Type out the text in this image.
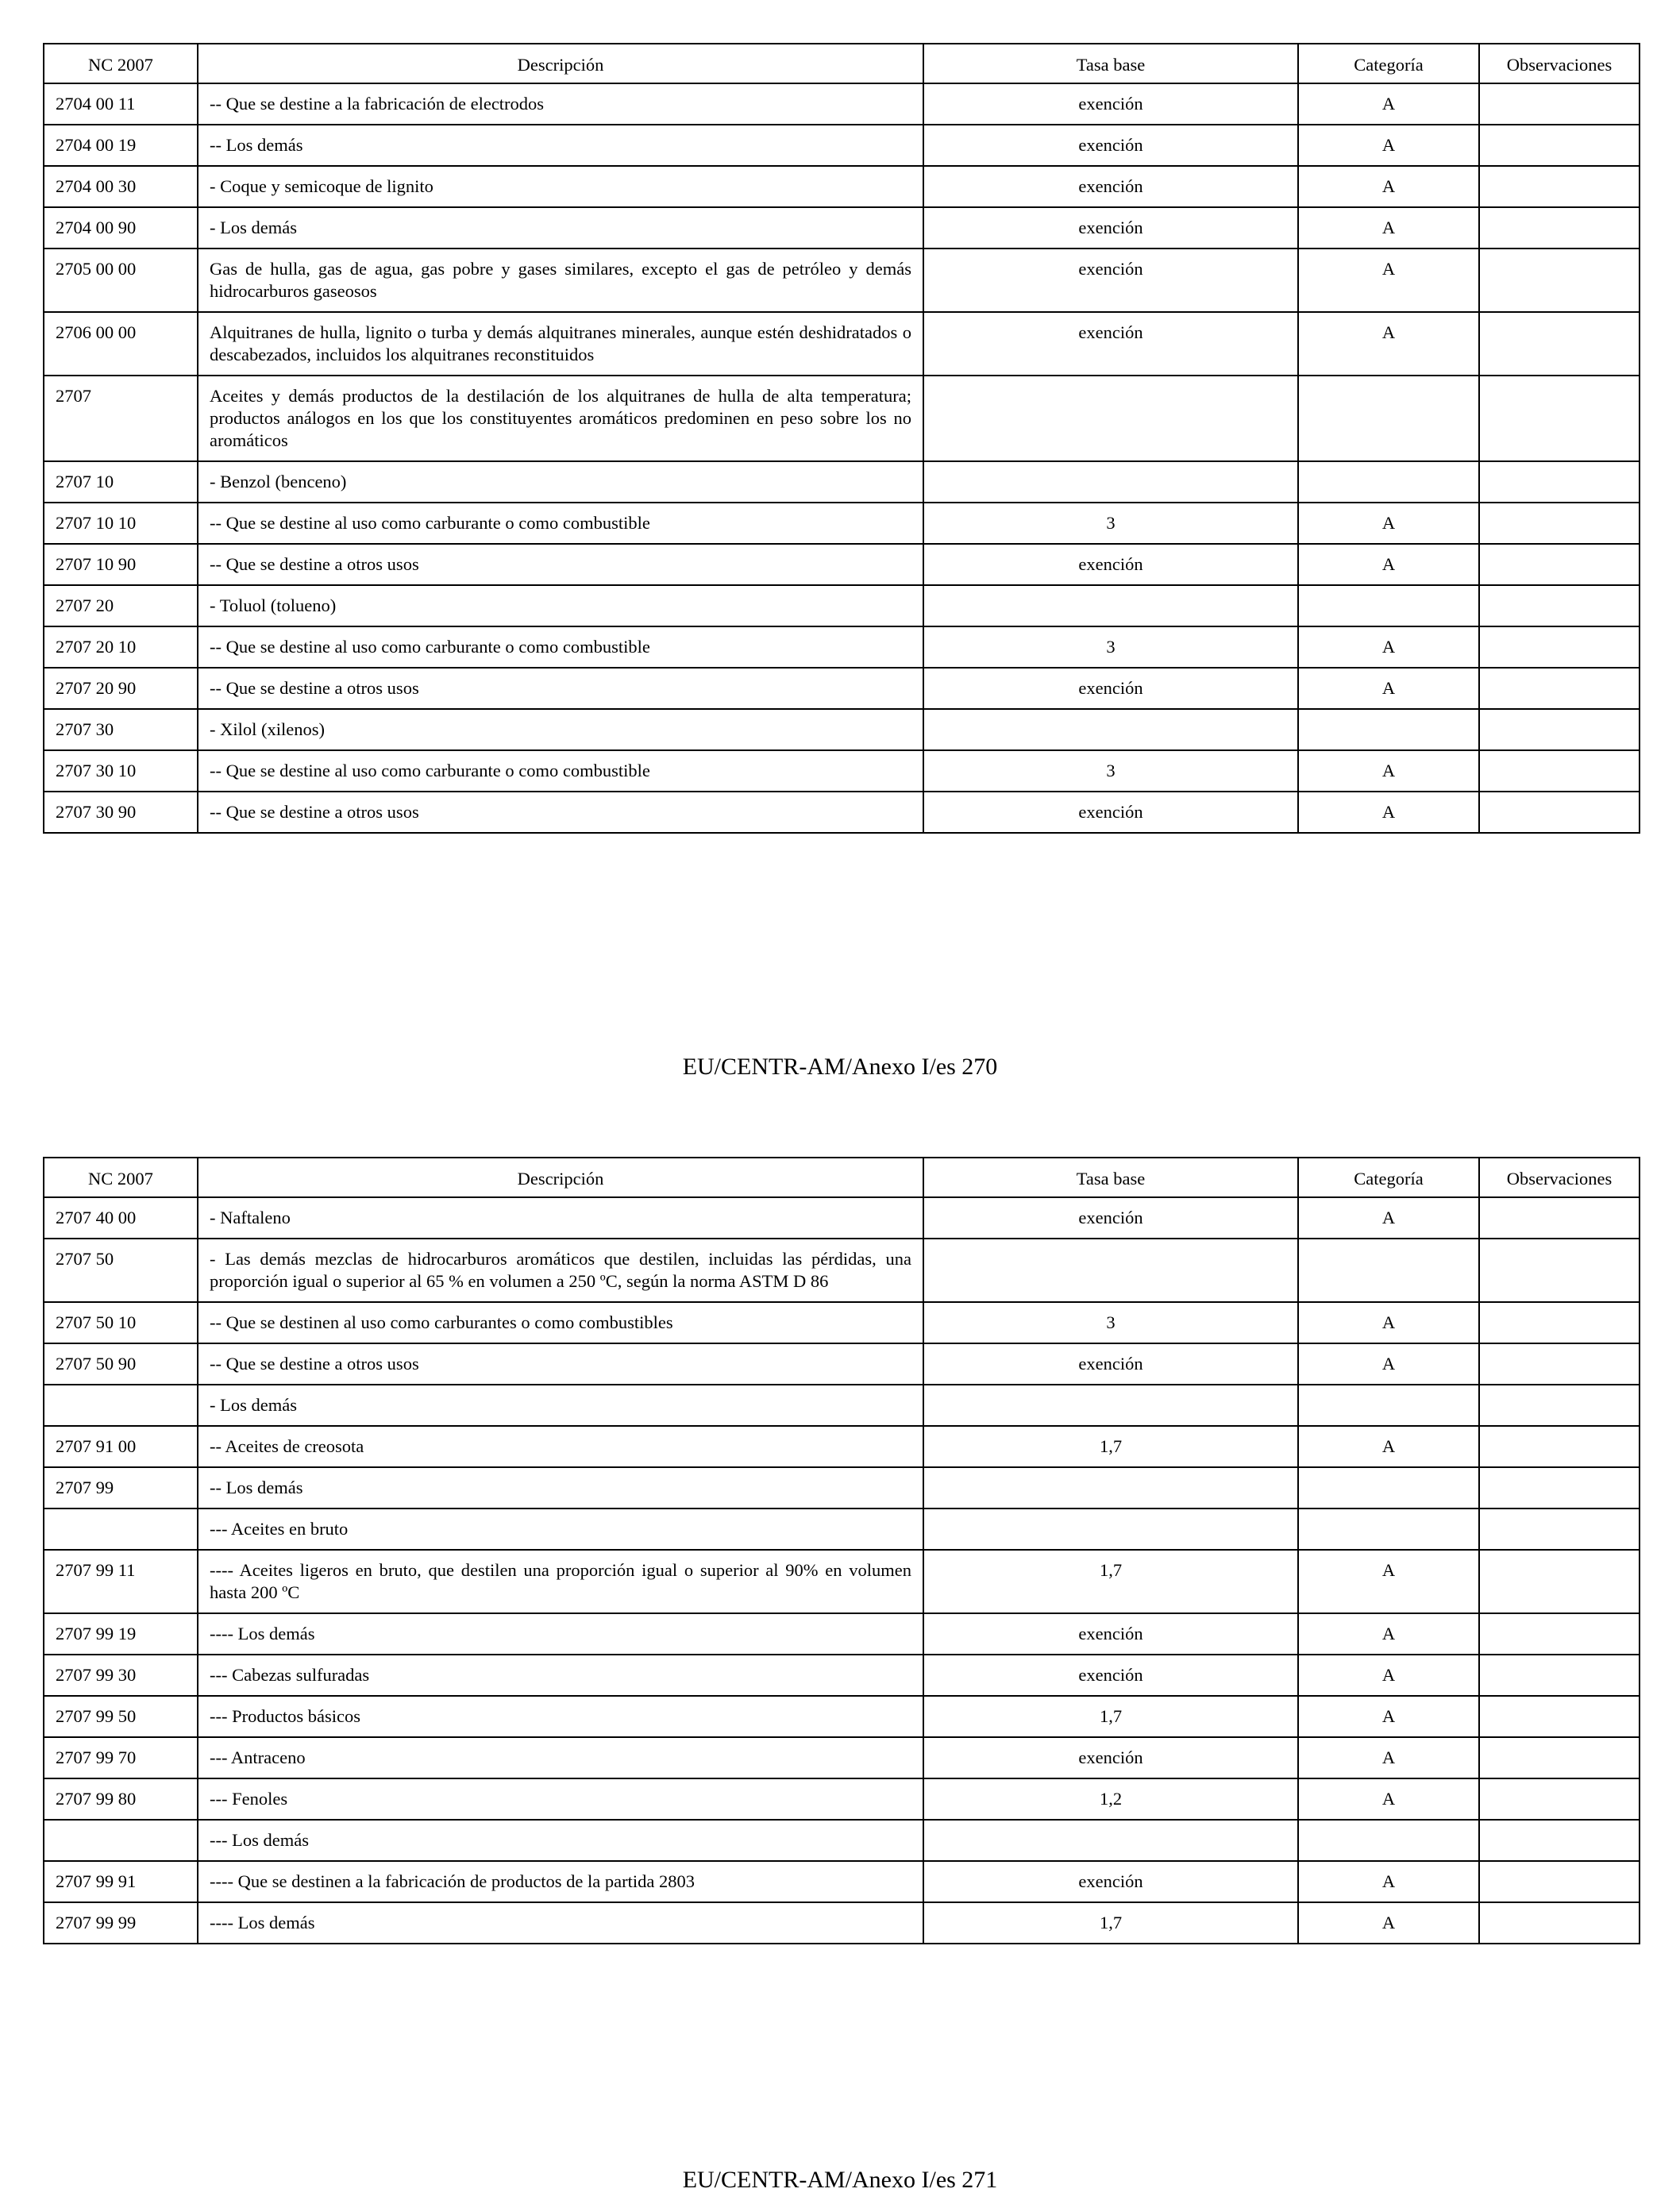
NC 2007	Descripción	Tasa base	Categoría	Observaciones
2704 00 11	-- Que se destine a la fabricación de electrodos	exención	A	
2704 00 19	-- Los demás	exención	A	
2704 00 30	- Coque y semicoque de lignito	exención	A	
2704 00 90	- Los demás	exención	A	
2705 00 00	Gas de hulla, gas de agua, gas pobre y gases similares, excepto el gas de petróleo y demás hidrocarburos gaseosos	exención	A	
2706 00 00	Alquitranes de hulla, lignito o turba y demás alquitranes minerales, aunque estén deshidratados o descabezados, incluidos los alquitranes reconstituidos	exención	A	
2707	Aceites y demás productos de la destilación de los alquitranes de hulla de alta temperatura; productos análogos en los que los constituyentes aromáticos predominen en peso sobre los no aromáticos			
2707 10	- Benzol (benceno)			
2707 10 10	-- Que se destine al uso como carburante o como combustible	3	A	
2707 10 90	-- Que se destine a otros usos	exención	A	
2707 20	- Toluol (tolueno)			
2707 20 10	-- Que se destine al uso como carburante o como combustible	3	A	
2707 20 90	-- Que se destine a otros usos	exención	A	
2707 30	- Xilol (xilenos)			
2707 30 10	-- Que se destine al uso como carburante o como combustible	3	A	
2707 30 90	-- Que se destine a otros usos	exención	A	
EU/CENTR-AM/Anexo I/es 270
NC 2007	Descripción	Tasa base	Categoría	Observaciones
2707 40 00	- Naftaleno	exención	A	
2707 50	- Las demás mezclas de hidrocarburos aromáticos que destilen, incluidas las pérdidas, una proporción igual o superior al 65 % en volumen a 250 ºC, según la norma ASTM D 86			
2707 50 10	-- Que se destinen al uso como carburantes o como combustibles	3	A	
2707 50 90	-- Que se destine a otros usos	exención	A	
	- Los demás			
2707 91 00	-- Aceites de creosota	1,7	A	
2707 99	-- Los demás			
	--- Aceites en bruto			
2707 99 11	---- Aceites ligeros en bruto, que destilen una proporción igual o superior al 90% en volumen hasta 200 ºC	1,7	A	
2707 99 19	---- Los demás	exención	A	
2707 99 30	--- Cabezas sulfuradas	exención	A	
2707 99 50	--- Productos básicos	1,7	A	
2707 99 70	--- Antraceno	exención	A	
2707 99 80	--- Fenoles	1,2	A	
	--- Los demás			
2707 99 91	---- Que se destinen a la fabricación de productos de la partida 2803	exención	A	
2707 99 99	---- Los demás	1,7	A	
EU/CENTR-AM/Anexo I/es 271
